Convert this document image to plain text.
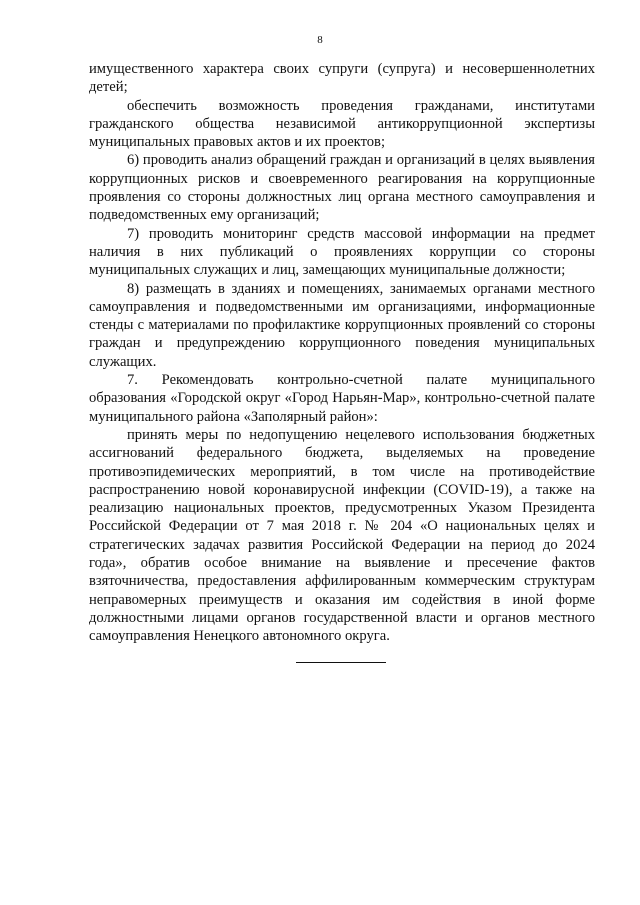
8

имущественного характера своих супруги (супруга) и несовершеннолетних детей;

обеспечить возможность проведения гражданами, институтами гражданского общества независимой антикоррупционной экспертизы муниципальных правовых актов и их проектов;

6) проводить анализ обращений граждан и организаций в целях выявления коррупционных рисков и своевременного реагирования на коррупционные проявления со стороны должностных лиц органа местного самоуправления и подведомственных ему организаций;

7) проводить мониторинг средств массовой информации на предмет наличия в них публикаций о проявлениях коррупции со стороны муниципальных служащих и лиц, замещающих муниципальные должности;

8) размещать в зданиях и помещениях, занимаемых органами местного самоуправления и подведомственными им организациями, информационные стенды с материалами по профилактике коррупционных проявлений со стороны граждан и предупреждению коррупционного поведения муниципальных служащих.

7. Рекомендовать контрольно-счетной палате муниципального образования «Городской округ «Город Нарьян-Мар», контрольно-счетной палате муниципального района «Заполярный район»:

принять меры по недопущению нецелевого использования бюджетных ассигнований федерального бюджета, выделяемых на проведение противоэпидемических мероприятий, в том числе на противодействие распространению новой коронавирусной инфекции (COVID-19), а также на реализацию национальных проектов, предусмотренных Указом Президента Российской Федерации от 7 мая 2018 г. № 204 «О национальных целях и стратегических задачах развития Российской Федерации на период до 2024 года», обратив особое внимание на выявление и пресечение фактов взяточничества, предоставления аффилированным коммерческим структурам неправомерных преимуществ и оказания им содействия в иной форме должностными лицами органов государственной власти и органов местного самоуправления Ненецкого автономного округа.
